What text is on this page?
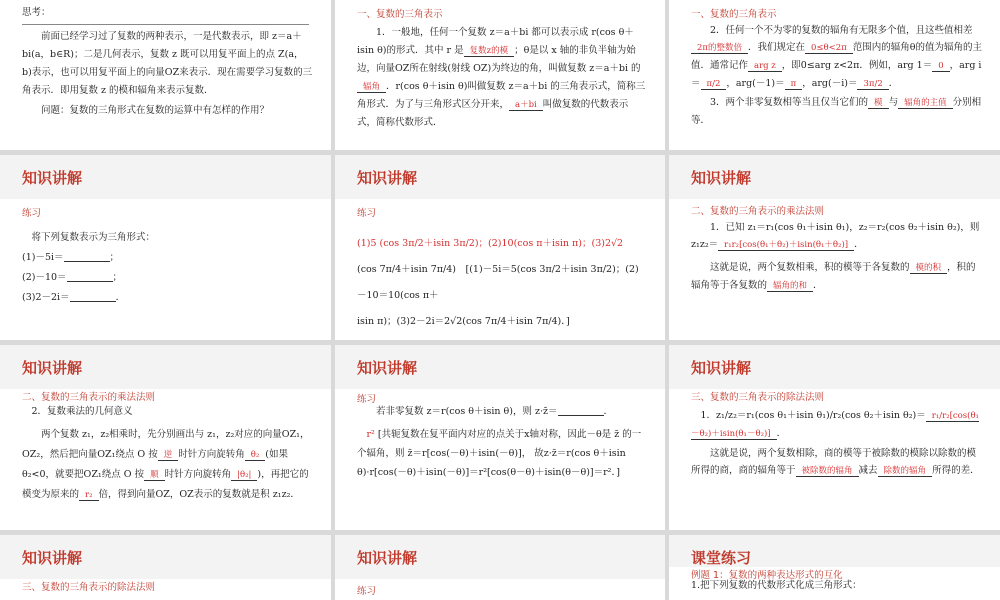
思考：
前面已经学习过了复数的两种表示，一是代数表示，即 z＝a＋bi(a，b∈R)；二是几何表示，复数 z 既可以用复平面上的点 Z(a，b)表示，也可以用复平面上的向量OZ来表示．现在需要学习复数的三角表示．即用复数 z 的模和辐角来表示复数．
问题：复数的三角形式在复数的运算中有怎样的作用？
一、复数的三角表示
1．一般地，任何一个复数 z＝a＋bi 都可以表示成 r(cos θ＋isin θ)的形式．其中 r 是 复数z的模 ；θ是以 x 轴的非负半轴为始边，向量OZ所在射线(射线 OZ)为终边的角，叫做复数 z＝a＋bi 的辐角 ．r(cos θ＋isin θ)叫做复数 z＝a＋bi 的三角表示式，简称三角形式．为了与三角形式区分开来， a＋bi 叫做复数的代数表示式，简称代数形式．
一、复数的三角表示
2．任何一个不为零的复数的辐角有无限多个值，且这些值相差2π的整数倍 ．我们规定在 0≤θ<2π 范围内的辐角θ的值为辐角的主值．通常记作 arg z ，即0≤arg z<2π．例如，arg 1＝ 0 ，arg i＝ π/2 ，arg(－1)＝ π ，arg(－i)＝ 3π/2 ．
3．两个非零复数相等当且仅当它们的 模 与 辐角的主值 分别相等．
知识讲解
练习
将下列复数表示为三角形式：
(1)－5i＝	；
(2)－10＝	；
(3)2－2i＝	．
知识讲解
练习
(1)5 (cos 3π/2＋isin 3π/2)；(2)10(cos π＋isin π)；(3)2√2
(cos 7π/4＋isin 7π/4)　[(1)－5i＝5(cos 3π/2＋isin 3π/2)；(2)－10＝10(cos π＋
isin π)；(3)2－2i＝2√2(cos 7π/4＋isin 7π/4)．]
知识讲解
二、复数的三角表示的乘法法则
1．已知 z₁＝r₁(cos θ₁＋isin θ₁)，z₂＝r₂(cos θ₂＋isin θ₂)，则 z₁z₂＝ r₁r₂[cos(θ₁＋θ₂)＋isin(θ₁＋θ₂)] ．
这就是说，两个复数相乘，积的模等于各复数的 模的积 ，积的辐角等于各复数的 辐角的和 ．
知识讲解
二、复数的三角表示的乘法法则
2．复数乘法的几何意义
两个复数 z₁，z₂相乘时，先分别画出与 z₁，z₂对应的向量OZ₁，OZ₂，然后把向量OZ₁绕点 O 按 逆 时针方向旋转角 θ₂ (如果θ₂<0，就要把OZ₁绕点 O 按 顺 时针方向旋转角 |θ₂| )，再把它的模变为原来的 r₂ 倍，得到向量OZ，OZ表示的复数就是积 z₁z₂．
知识讲解
练习
若非零复数 z＝r(cos θ＋isin θ)，则 z·z̄＝	．
r² [共轭复数在复平面内对应的点关于x轴对称，因此－θ是 z̄ 的一个辐角，则 z̄＝r[cos(－θ)＋isin(－θ)]， 故z·z̄＝r(cos θ＋isin θ)·r[cos(－θ)＋isin(－θ)]＝r²[cos(θ－θ)＋isin(θ－θ)]＝r²．]
知识讲解
三、复数的三角表示的除法法则
1．z₁/z₂＝r₁(cos θ₁＋isin θ₁)/r₂(cos θ₂＋isin θ₂)＝ r₁/r₂[cos(θ₁－θ₂)＋isin(θ₁－θ₂)] ．
这就是说，两个复数相除，商的模等于被除数的模除以除数的模所得的商，商的辐角等于 被除数的辐角 减去 除数的辐角 所得的差．
知识讲解
三、复数的三角表示的除法法则
知识讲解
练习
课堂练习
例题 1：复数的两种表达形式的互化
1.把下列复数的代数形式化成三角形式：
